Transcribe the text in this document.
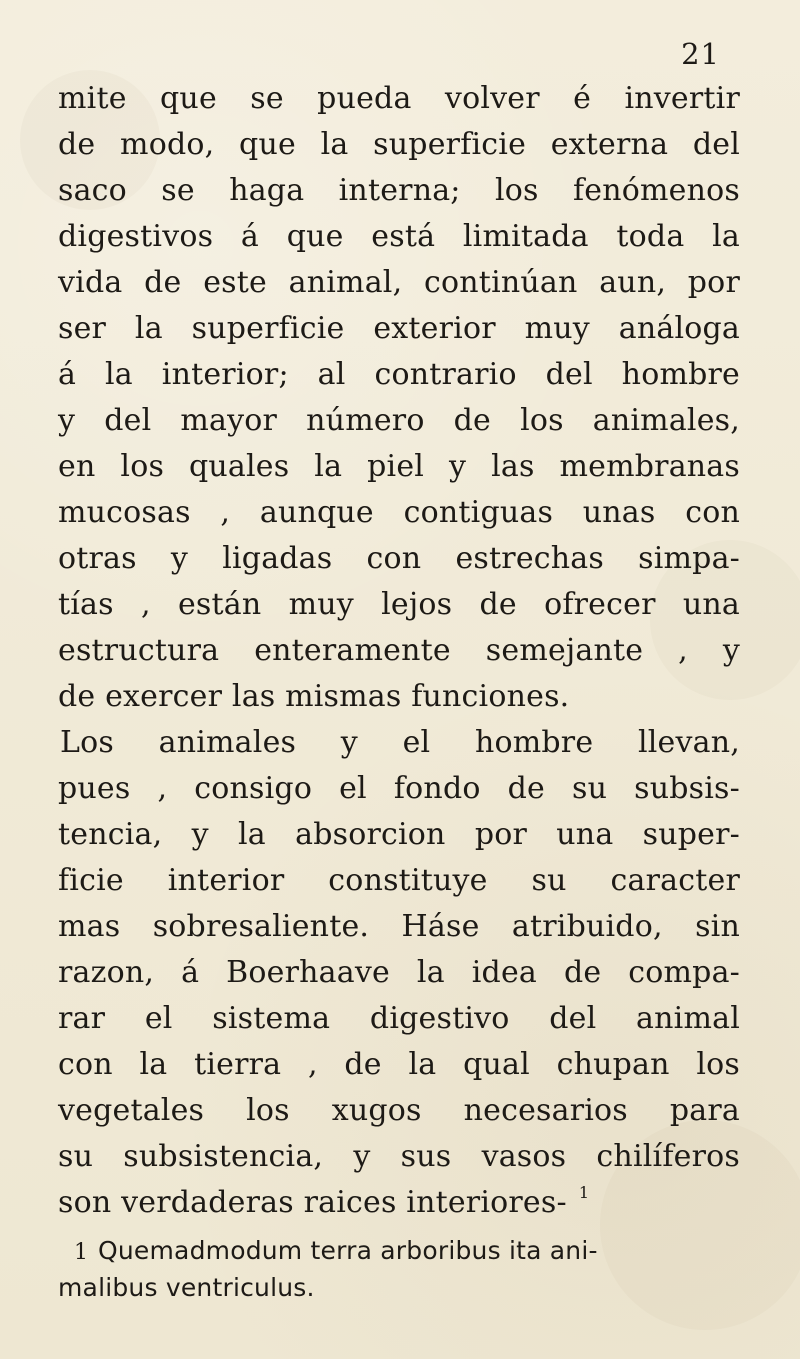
21
mite que se pueda volver é invertir
de modo, que la superficie externa del
saco se haga interna; los fenómenos
digestivos á que está limitada toda la
vida de este animal, continúan aun, por
ser la superficie exterior muy análoga
á la interior; al contrario del hombre
y del mayor número de los animales,
en los quales la piel y las membranas
mucosas , aunque contiguas unas con
otras y ligadas con estrechas simpa-
tías , están muy lejos de ofrecer una
estructura enteramente semejante , y
de exercer las mismas funciones.
Los animales y el hombre llevan,
pues , consigo el fondo de su subsis-
tencia, y la absorcion por una super-
ficie interior constituye su caracter
mas sobresaliente. Háse atribuido, sin
razon, á Boerhaave la idea de compa-
rar el sistema digestivo del animal
con la tierra , de la qual chupan los
vegetales los xugos necesarios para
su subsistencia, y sus vasos chilíferos
son verdaderas raices interiores- $^1$
1 Quemadmodum terra arboribus ita ani-
malibus ventriculus.
